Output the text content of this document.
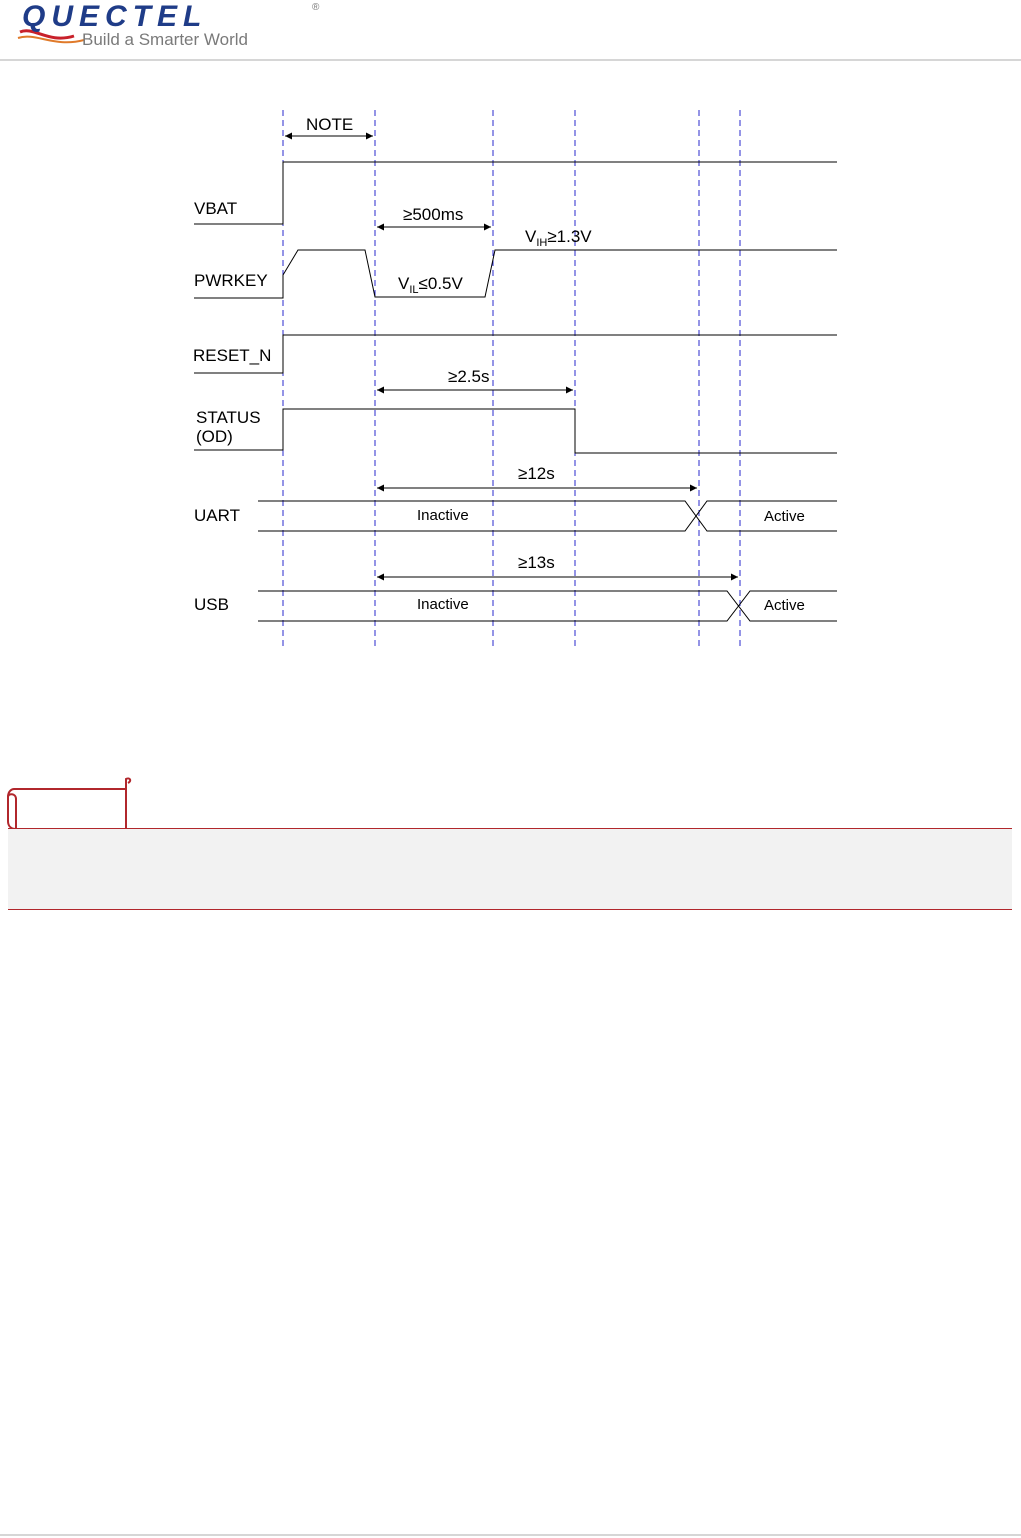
QUECTEL	®
Build a Smarter World
VBAT
PWRKEY
RESET_N
STATUS
(OD)
UART
USB
NOTE
≥500ms
≥2.5s
≥12s
≥13s
$V_{IH}\ge 1.3V$
$V_{IL}\le 0.5V$
Inactive	Active
Inactive	Active
